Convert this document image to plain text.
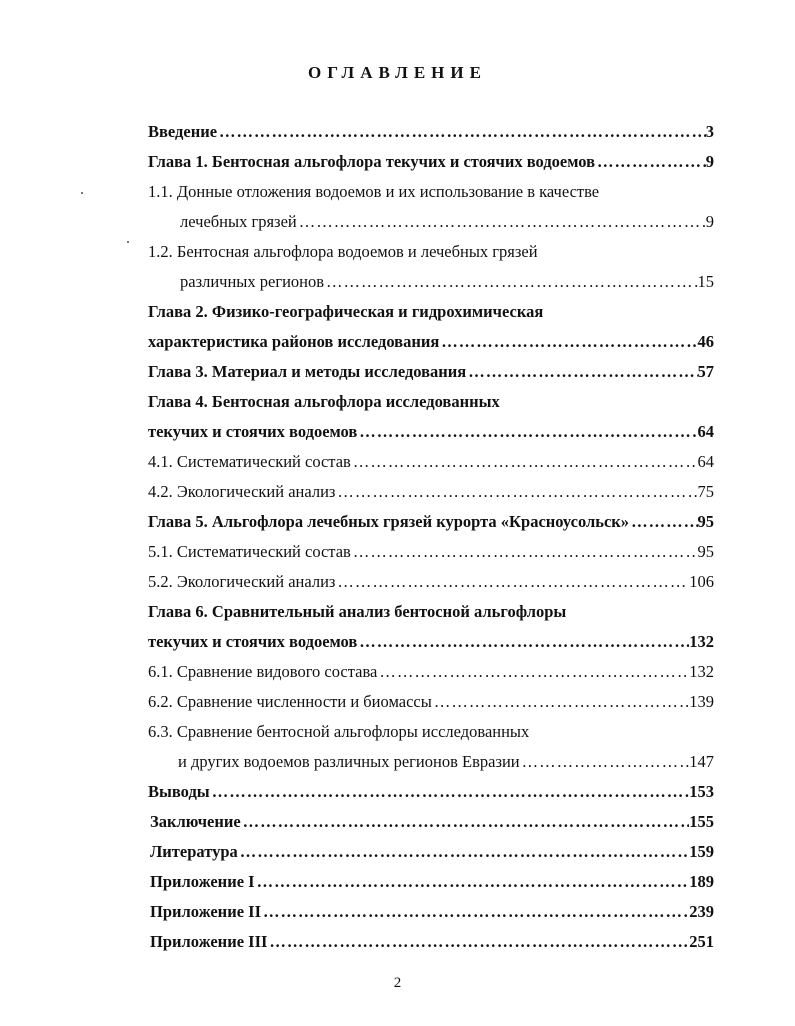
ОГЛАВЛЕНИЕ
Введение ………………………………………………………………………………………………………………………………	3
Глава 1. Бентосная альгофлора текучих и стоячих водоемов ………………………………………………………………………………………………………………………………	9
1.1. Донные отложения водоемов и их использование в качестве
лечебных грязей ………………………………………………………………………………………………………………………………	9
1.2. Бентосная альгофлора водоемов и лечебных грязей
различных регионов ………………………………………………………………………………………………………………………………	15
Глава 2. Физико-географическая и гидрохимическая
характеристика районов исследования ………………………………………………………………………………………………………………………………	46
Глава 3. Материал и методы исследования ………………………………………………………………………………………………………………………………	57
Глава 4. Бентосная альгофлора исследованных
текучих и стоячих водоемов ………………………………………………………………………………………………………………………………	64
4.1. Систематический состав ………………………………………………………………………………………………………………………………	64
4.2. Экологический анализ ………………………………………………………………………………………………………………………………	75
Глава 5. Альгофлора лечебных грязей курорта «Красноусольск» ………………………………………………………………………………………………………………………………	95
5.1. Систематический состав ………………………………………………………………………………………………………………………………	95
5.2. Экологический анализ ………………………………………………………………………………………………………………………………	106
Глава 6. Сравнительный анализ бентосной альгофлоры
текучих и стоячих водоемов ………………………………………………………………………………………………………………………………	132
6.1. Сравнение видового состава ………………………………………………………………………………………………………………………………	132
6.2. Сравнение численности и биомассы ………………………………………………………………………………………………………………………………	139
6.3. Сравнение бентосной альгофлоры исследованных
и других водоемов различных регионов Евразии ………………………………………………………………………………………………………………………………	147
Выводы ………………………………………………………………………………………………………………………………	153
Заключение ………………………………………………………………………………………………………………………………	155
Литература ………………………………………………………………………………………………………………………………	159
Приложение I ………………………………………………………………………………………………………………………………	189
Приложение II ………………………………………………………………………………………………………………………………	239
Приложение III ………………………………………………………………………………………………………………………………	251
2
